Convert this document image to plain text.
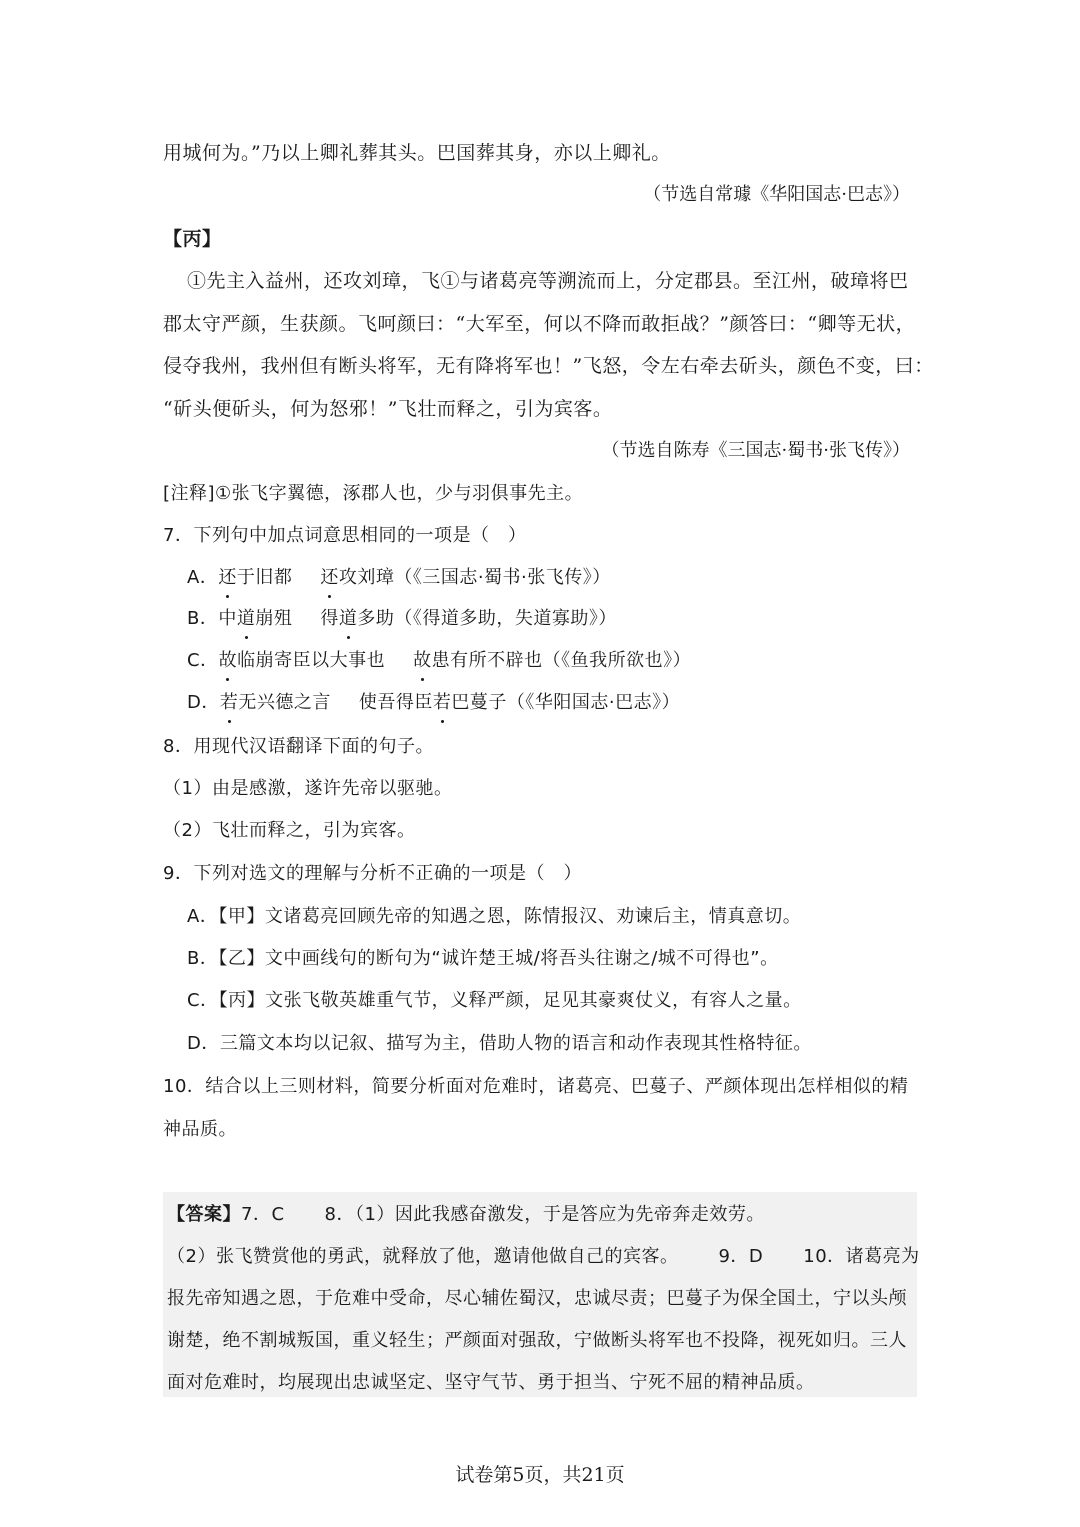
用城何为。”乃以上卿礼葬其头。巴国葬其身，亦以上卿礼。
（节选自常璩《华阳国志·巴志》）
【丙】
①先主入益州，还攻刘璋，飞①与诸葛亮等溯流而上，分定郡县。至江州，破璋将巴
郡太守严颜，生获颜。飞呵颜曰：“大军至，何以不降而敢拒战？”颜答曰：“卿等无状，
侵夺我州，我州但有断头将军，无有降将军也！”飞怒，令左右牵去斫头，颜色不变，曰：
“斫头便斫头，何为怒邪！”飞壮而释之，引为宾客。
（节选自陈寿《三国志·蜀书·张飞传》）
[注释]①张飞字翼德，涿郡人也，少与羽俱事先主。
7．下列句中加点词意思相同的一项是（　）
A．还于旧都 还攻刘璋（《三国志·蜀书·张飞传》）
B．中道崩殂 得道多助（《得道多助，失道寡助》）
C．故临崩寄臣以大事也 故患有所不辟也（《鱼我所欲也》）
D．若无兴德之言 使吾得臣若巴蔓子（《华阳国志·巴志》）
8．用现代汉语翻译下面的句子。
（1）由是感激，遂许先帝以驱驰。
（2）飞壮而释之，引为宾客。
9．下列对选文的理解与分析不正确的一项是（　）
A．【甲】文诸葛亮回顾先帝的知遇之恩，陈情报汉、劝谏后主，情真意切。
B．【乙】文中画线句的断句为“诚许楚王城/将吾头往谢之/城不可得也”。
C．【丙】文张飞敬英雄重气节，义释严颜，足见其豪爽仗义，有容人之量。
D．三篇文本均以记叙、描写为主，借助人物的语言和动作表现其性格特征。
10．结合以上三则材料，简要分析面对危难时，诸葛亮、巴蔓子、严颜体现出怎样相似的精
神品质。
【答案】7．C 8．（1）因此我感奋激发，于是答应为先帝奔走效劳。
（2）张飞赞赏他的勇武，就释放了他，邀请他做自己的宾客。 9．D 10．诸葛亮为
报先帝知遇之恩，于危难中受命，尽心辅佐蜀汉，忠诚尽责；巴蔓子为保全国土，宁以头颅
谢楚，绝不割城叛国，重义轻生；严颜面对强敌，宁做断头将军也不投降，视死如归。三人
面对危难时，均展现出忠诚坚定、坚守气节、勇于担当、宁死不屈的精神品质。
试卷第5页，共21页
